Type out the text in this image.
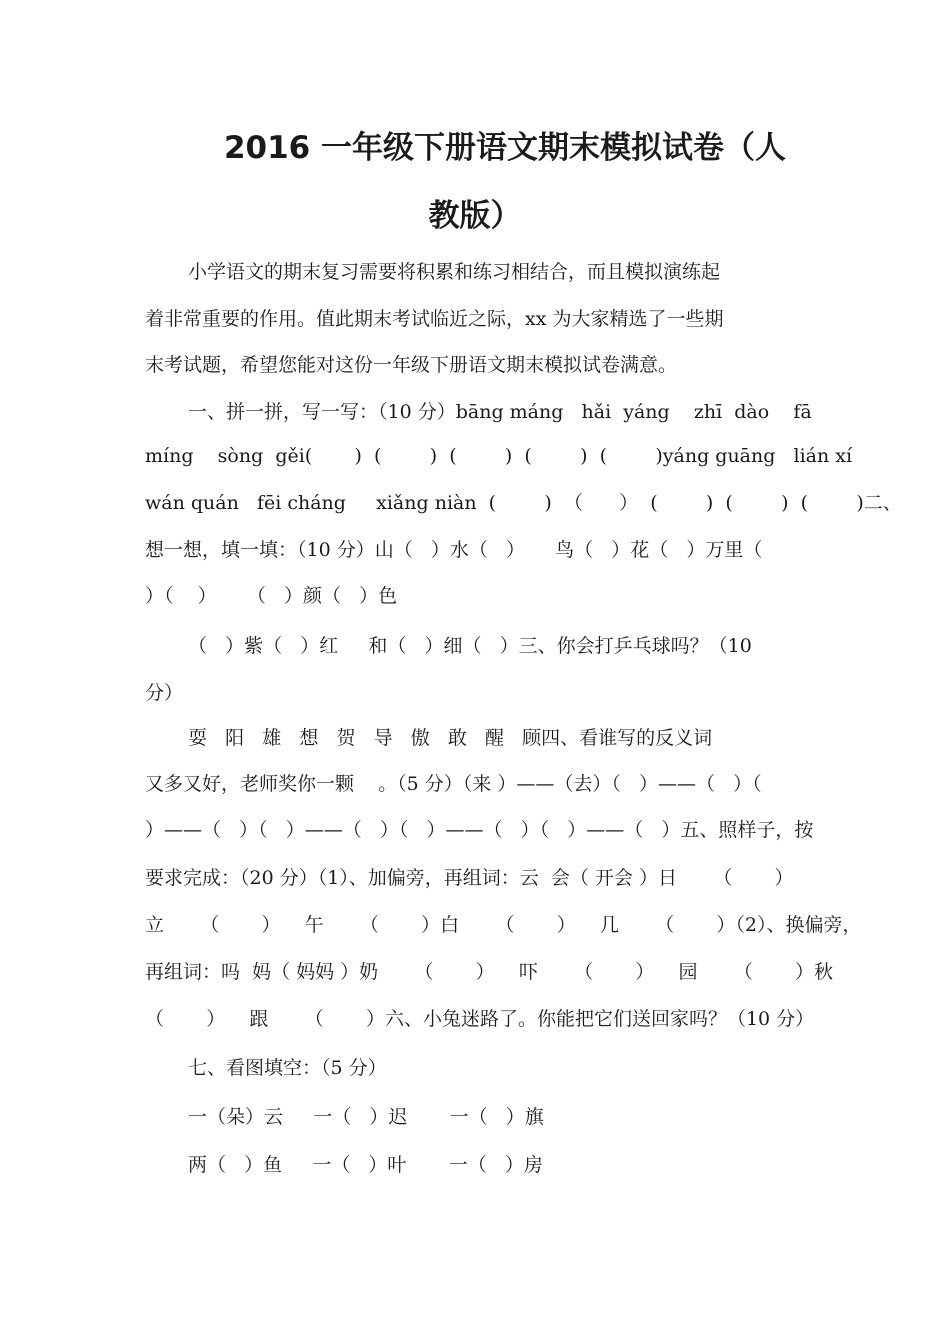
2016 一年级下册语文期末模拟试卷（人
教版）
小学语文的期末复习需要将积累和练习相结合，而且模拟演练起
着非常重要的作用。值此期末考试临近之际，xx 为大家精选了一些期
末考试题，希望您能对这份一年级下册语文期末模拟试卷满意。
一、拼一拼，写一写：（10 分）bāng máng   hǎi  yáng    zhī  dào    fā
míng    sòng  gěi(       )  (        )  (        )  (        )  (        )yáng guāng   lián xí
wán quán   fēi cháng     xiǎng niàn  (        )  （      ）  (        )  (        )  (        )二、
想一想，填一填：（10 分）山（   ）水（   ）     鸟（   ）花（   ）万里（
）（    ）     （   ）颜（   ）色
（   ）紫（   ）红     和（   ）细（   ）三、你会打乒乓球吗？（10
分）
耍   阳   雄   想   贺   导   傲   敢   醒   顾四、看谁写的反义词
又多又好，老师奖你一颗    。（5 分）（来 ）——（去）（   ）——（   ）（
）——（   ）（   ）——（   ）（   ）——（   ）（   ）——（   ）五、照样子，按
要求完成：（20 分）（1）、加偏旁，再组词：云  会（ 开会 ）日      （       ）
立      （       ）    午      （       ）白      （       ）    几      （       ）（2）、换偏旁，
再组词：吗  妈（ 妈妈 ）奶      （       ）    吓      （       ）    园      （       ）秋
（       ）    跟      （       ）六、小兔迷路了。你能把它们送回家吗？（10 分）
七、看图填空：（5 分）
一（朵）云     一（   ）迟       一（   ）旗
两（   ）鱼     一（   ）叶       一（   ）房
